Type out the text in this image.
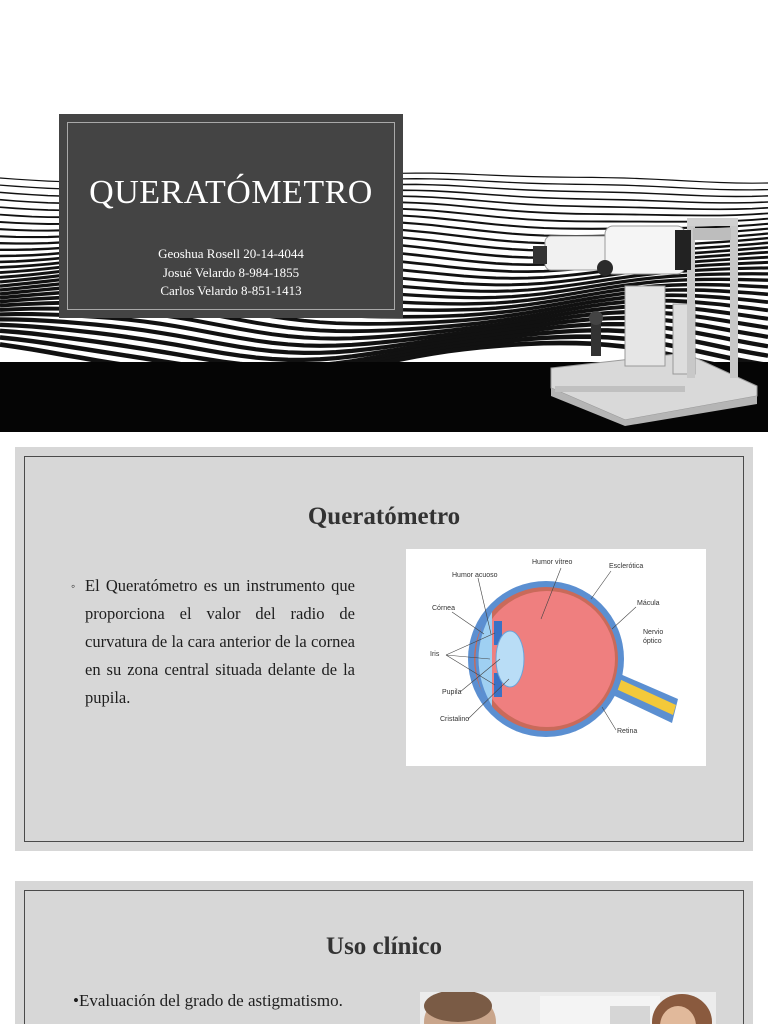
QUERATÓMETRO
Geoshua Rosell 20-14-4044
Josué Velardo 8-984-1855
Carlos Velardo 8-851-1413
Queratómetro
◦ El Queratómetro es un instrumento que proporciona el valor del radio de curvatura de la cara anterior de la cornea en su zona central situada delante de la pupila.

Humor vítreo
Humor acuoso
Esclerótica
Córnea
Mácula
Nervio
óptico
Iris
Pupila
Cristalino
Retina
Uso clínico
•Evaluación del grado de astigmatismo.
